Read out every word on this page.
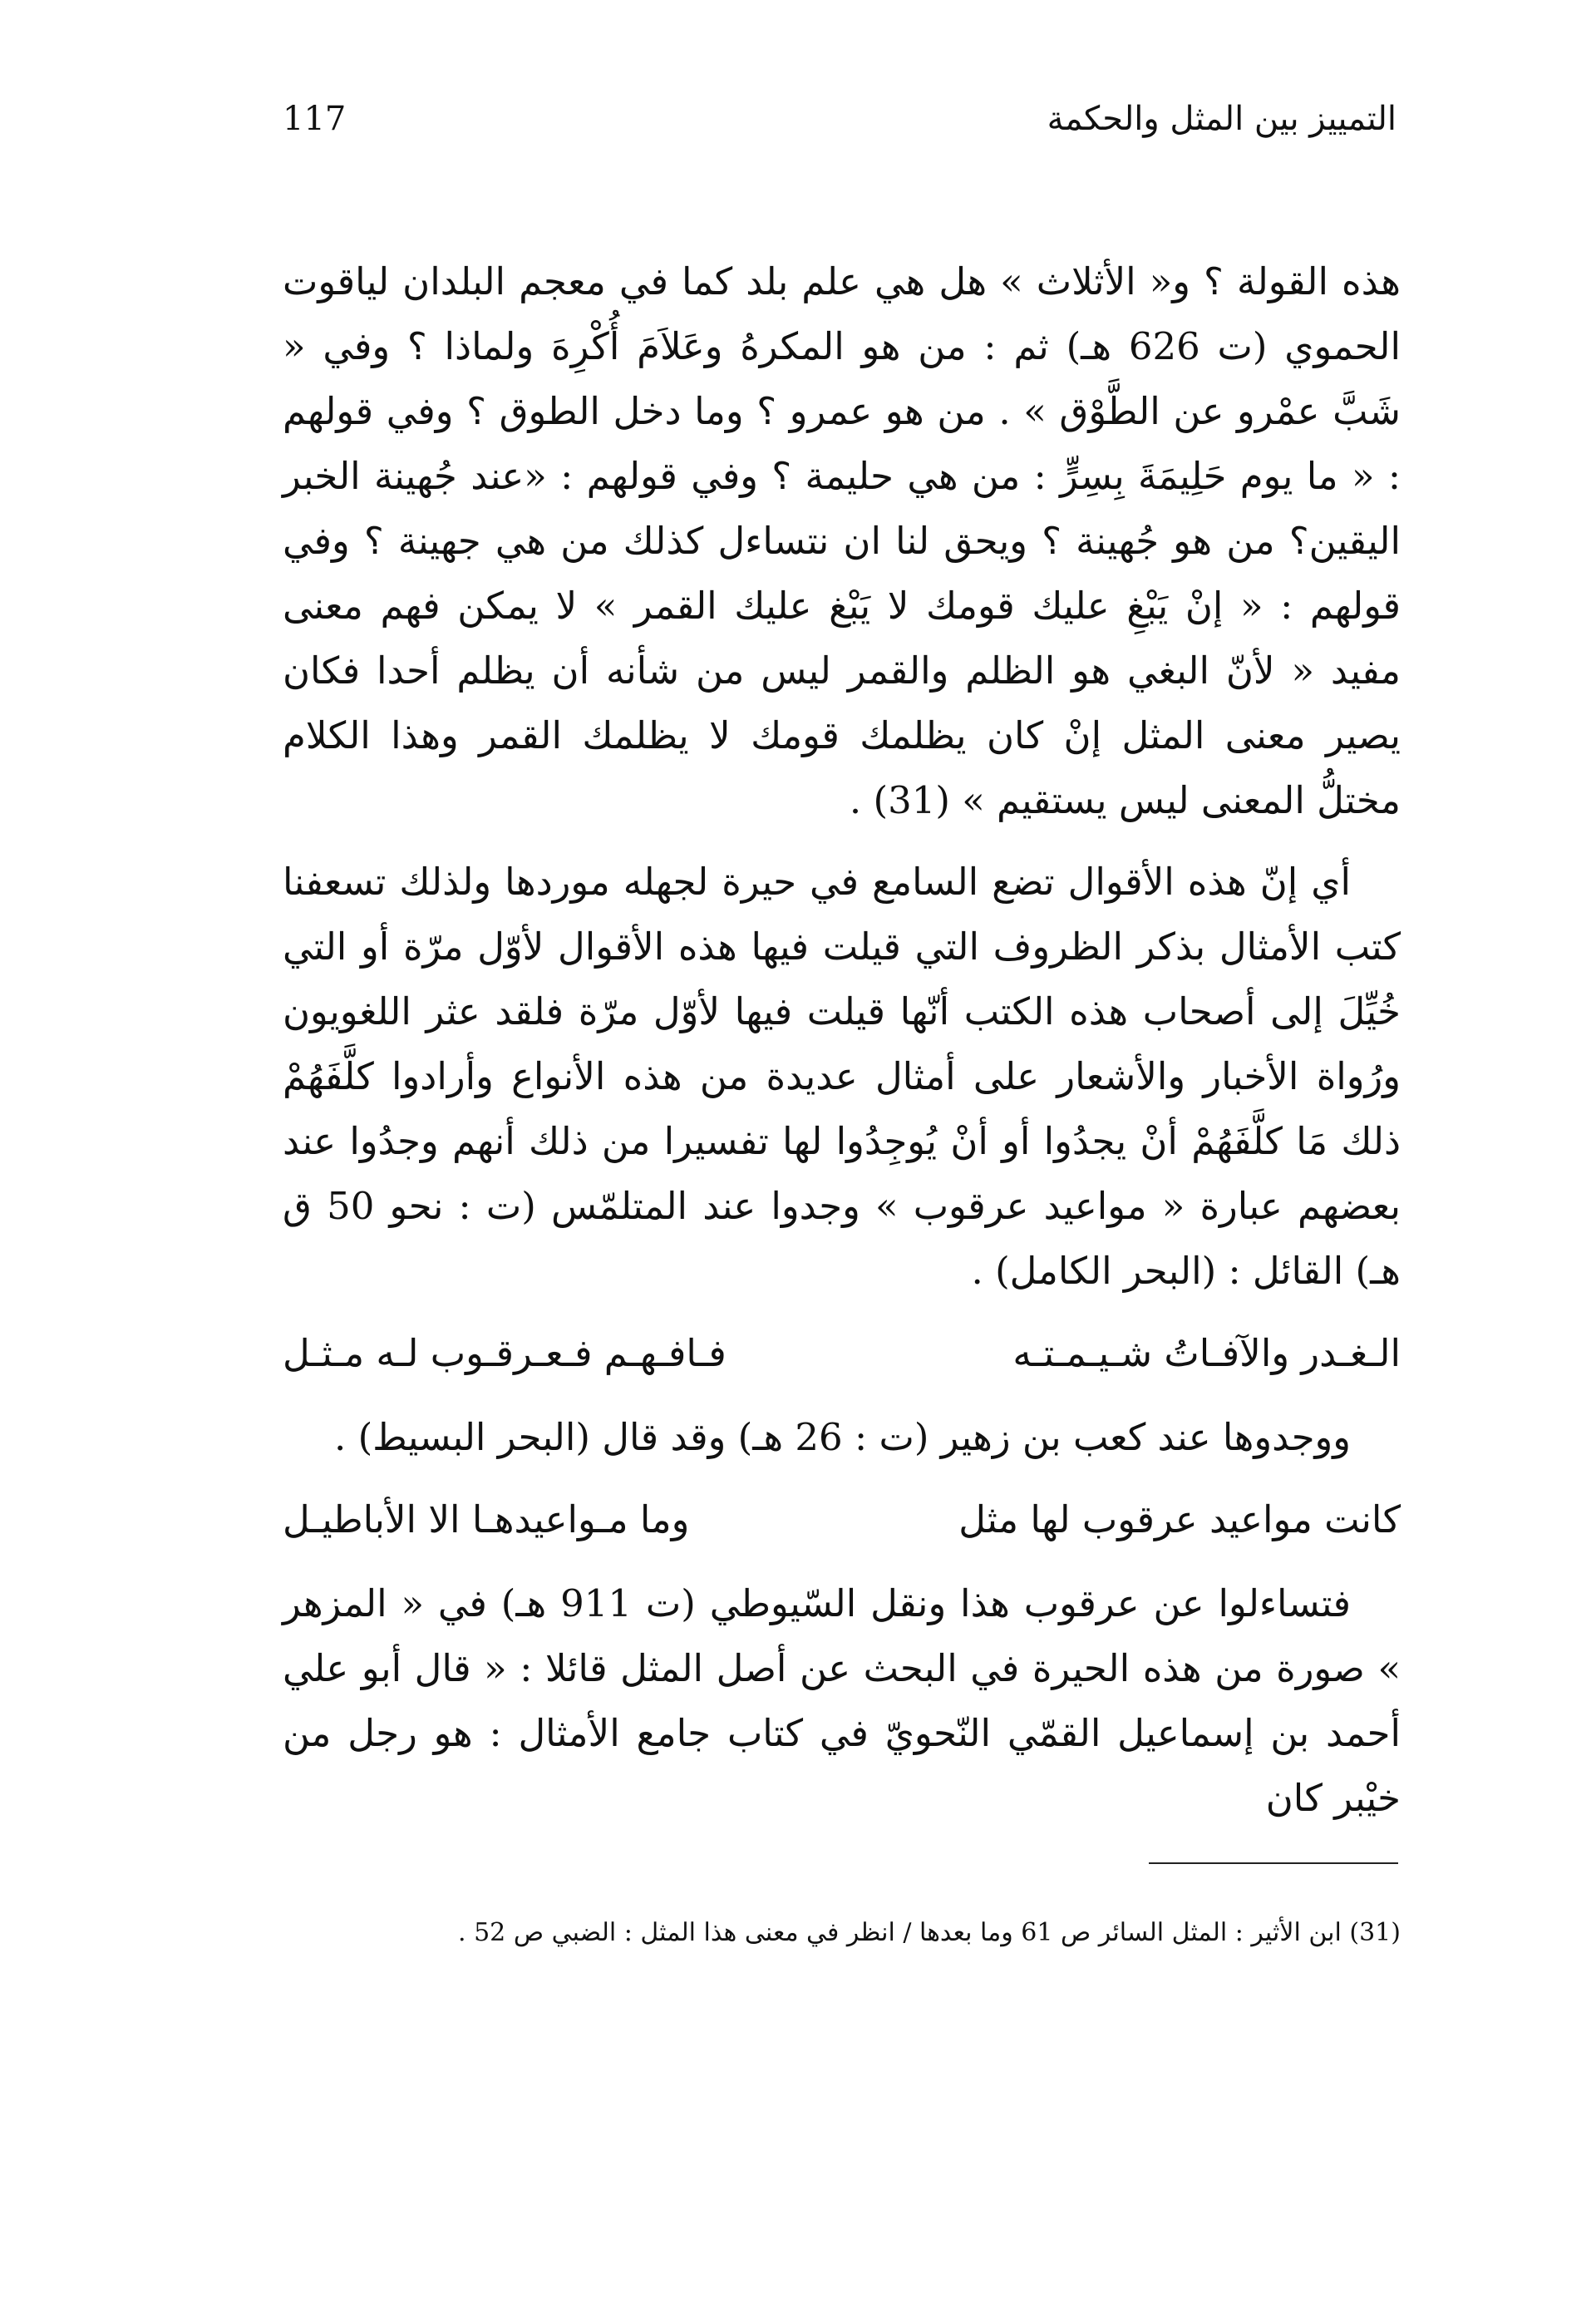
117	التمييز بين المثل والحكمة

هذه القولة ؟ و« الأثلاث » هل هي علم بلد كما في معجم البلدان لياقوت الحموي (ت 626 هـ) ثم : من هو المكرهُ وعَلاَمَ أُكْرِهَ ولماذا ؟ وفي « شَبَّ عمْرو عن الطَّوْق » . من هو عمرو ؟ وما دخل الطوق ؟ وفي قولهم : « ما يوم حَلِيمَةَ بِسِرٍّ : من هي حليمة ؟ وفي قولهم : «عند جُهينة الخبر اليقين؟ من هو جُهينة ؟ ويحق لنا ان نتساءل كذلك من هي جهينة ؟ وفي قولهم : « إنْ يَبْغِ عليك قومك لا يَبْغ عليك القمر » لا يمكن فهم معنى مفيد « لأنّ البغي هو الظلم والقمر ليس من شأنه أن يظلم أحدا فكان يصير معنى المثل إنْ كان يظلمك قومك لا يظلمك القمر وهذا الكلام مختلُّ المعنى ليس يستقيم » (31) .

أي إنّ هذه الأقوال تضع السامع في حيرة لجهله موردها ولذلك تسعفنا كتب الأمثال بذكر الظروف التي قيلت فيها هذه الأقوال لأوّل مرّة أو التي خُيِّلَ إلى أصحاب هذه الكتب أنّها قيلت فيها لأوّل مرّة فلقد عثر اللغويون ورُواة الأخبار والأشعار على أمثال عديدة من هذه الأنواع وأرادوا كلَّفَهُمْ ذلك مَا كلَّفَهُمْ أنْ يجدُوا أو أنْ يُوجِدُوا لها تفسيرا من ذلك أنهم وجدُوا عند بعضهم عبارة « مواعيد عرقوب » وجدوا عند المتلمّس (ت : نحو 50 ق هـ) القائل : (البحر الكامل) .

الـغـدر والآفـاتُ شـيـمـتـه
فـافـهـم فـعـرقـوب لـه مـثـل

ووجدوها عند كعب بن زهير (ت : 26 هـ) وقد قال (البحر البسيط) .

كانت مواعيد عرقوب لها مثل
وما مـواعيدهـا الا الأباطيـل

فتساءلوا عن عرقوب هذا ونقل السّيوطي (ت 911 هـ) في « المزهر » صورة من هذه الحيرة في البحث عن أصل المثل قائلا : « قال أبو علي أحمد بن إسماعيل القمّي النّحويّ في كتاب جامع الأمثال : هو رجل من خيْبر كان

(31) ابن الأثير : المثل السائر ص 61 وما بعدها / انظر في معنى هذا المثل : الضبي ص 52 .
